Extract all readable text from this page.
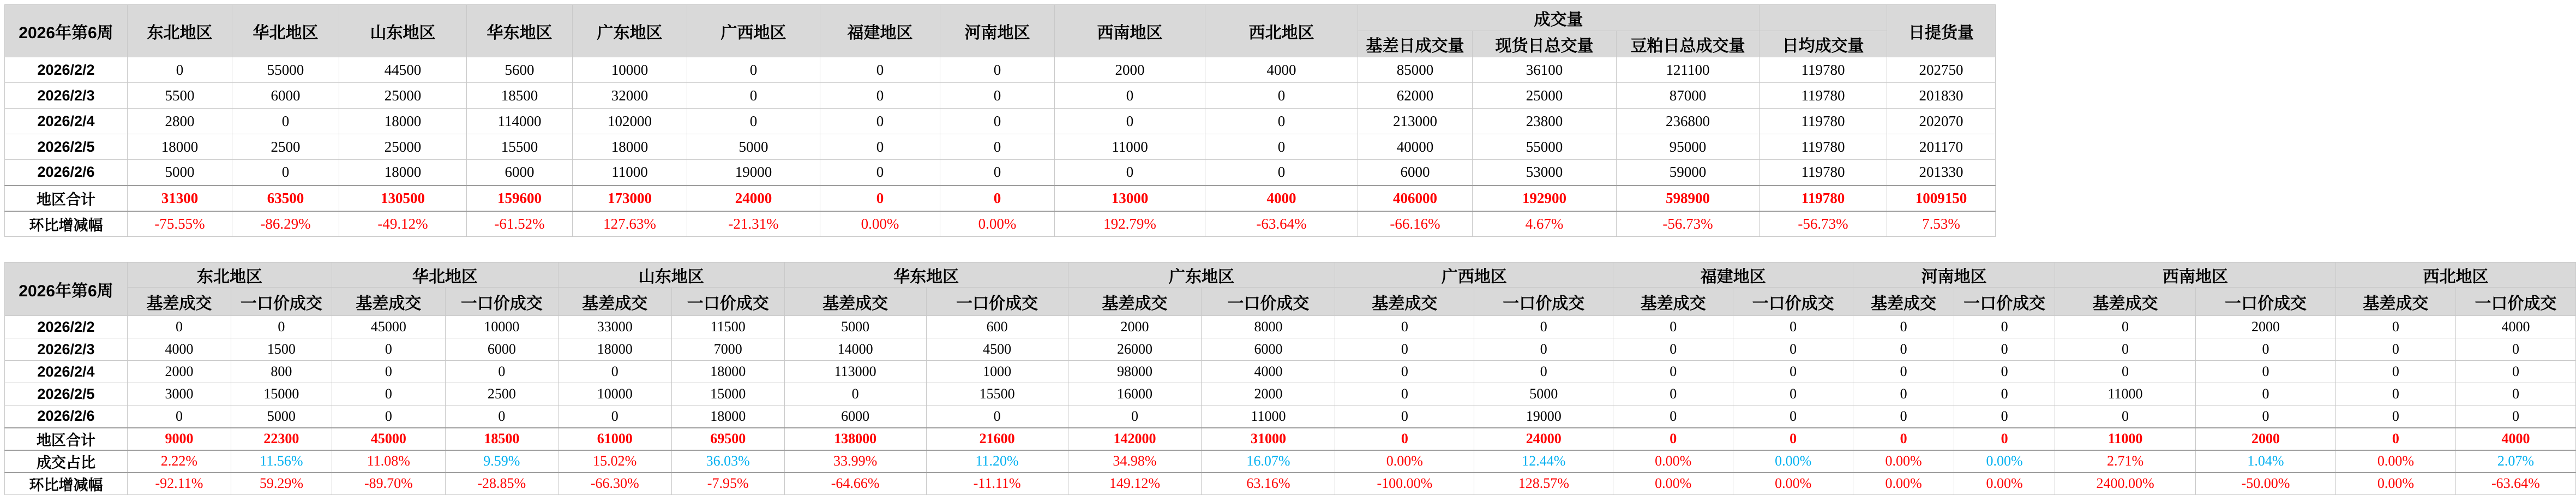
2026年第6周	东北地区	华北地区	山东地区	华东地区	广东地区	广西地区	福建地区	河南地区	西南地区	西北地区	成交量				日提货量
											基差日成交量	现货日总交量	豆粕日总成交量	日均成交量	
2026/2/2	0	55000	44500	5600	10000	0	0	0	2000	4000	85000	36100	121100	119780	202750
2026/2/3	5500	6000	25000	18500	32000	0	0	0	0	0	62000	25000	87000	119780	201830
2026/2/4	2800	0	18000	114000	102000	0	0	0	0	0	213000	23800	236800	119780	202070
2026/2/5	18000	2500	25000	15500	18000	5000	0	0	11000	0	40000	55000	95000	119780	201170
2026/2/6	5000	0	18000	6000	11000	19000	0	0	0	0	6000	53000	59000	119780	201330
地区合计	31300	63500	130500	159600	173000	24000	0	0	13000	4000	406000	192900	598900	119780	1009150
环比增减幅	-75.55%	-86.29%	-49.12%	-61.52%	127.63%	-21.31%	0.00%	0.00%	192.79%	-63.64%	-66.16%	4.67%	-56.73%	-56.73%	7.53%
2026年第6周	东北地区		华北地区		山东地区		华东地区		广东地区		广西地区		福建地区		河南地区		西南地区		西北地区	
	基差成交	一口价成交	基差成交	一口价成交	基差成交	一口价成交	基差成交	一口价成交	基差成交	一口价成交	基差成交	一口价成交	基差成交	一口价成交	基差成交	一口价成交	基差成交	一口价成交	基差成交	一口价成交
2026/2/2	0	0	45000	10000	33000	11500	5000	600	2000	8000	0	0	0	0	0	0	0	2000	0	4000
2026/2/3	4000	1500	0	6000	18000	7000	14000	4500	26000	6000	0	0	0	0	0	0	0	0	0	0
2026/2/4	2000	800	0	0	0	18000	113000	1000	98000	4000	0	0	0	0	0	0	0	0	0	0
2026/2/5	3000	15000	0	2500	10000	15000	0	15500	16000	2000	0	5000	0	0	0	0	11000	0	0	0
2026/2/6	0	5000	0	0	0	18000	6000	0	0	11000	0	19000	0	0	0	0	0	0	0	0
地区合计	9000	22300	45000	18500	61000	69500	138000	21600	142000	31000	0	24000	0	0	0	0	11000	2000	0	4000
成交占比	2.22%	11.56%	11.08%	9.59%	15.02%	36.03%	33.99%	11.20%	34.98%	16.07%	0.00%	12.44%	0.00%	0.00%	0.00%	0.00%	2.71%	1.04%	0.00%	2.07%
环比增减幅	-92.11%	59.29%	-89.70%	-28.85%	-66.30%	-7.95%	-64.66%	-11.11%	149.12%	63.16%	-100.00%	128.57%	0.00%	0.00%	0.00%	0.00%	2400.00%	-50.00%	0.00%	-63.64%
